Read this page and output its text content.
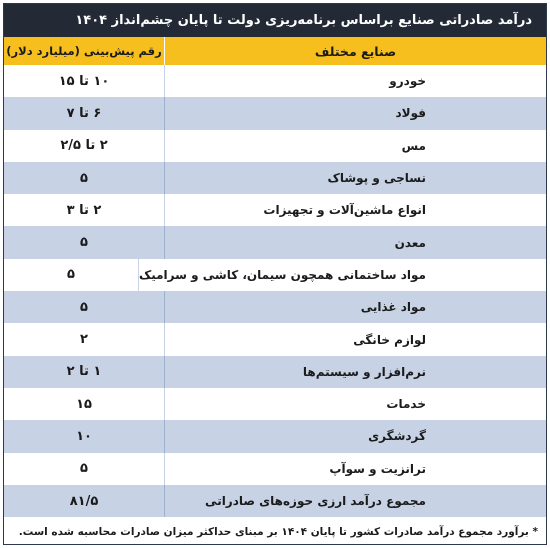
درآمد صادراتی صنایع براساس برنامه‌ریزی دولت تا پایان چشم‌انداز ۱۴۰۴
صنایع مختلف
رقم پیش‌بینی (میلیارد دلار)
خودرو
۱۰ تا ۱۵
فولاد
۶ تا ۷
مس
۲ تا ۲/۵
نساجی و پوشاک
۵
انواع ماشین‌آلات و تجهیزات
۲ تا ۳
معدن
۵
مواد ساختمانی همچون سیمان، کاشی و سرامیک
۵
مواد غذایی
۵
لوازم خانگی
۲
نرم‌افزار و سیستم‌ها
۱ تا ۲
خدمات
۱۵
گردشگری
۱۰
ترانزیت و سوآپ
۵
مجموع درآمد ارزی حوزه‌های صادراتی
۸۱/۵
* برآورد مجموع درآمد صادرات کشور تا پایان ۱۴۰۴ بر مبنای حداکثر میزان صادرات محاسبه شده است.
